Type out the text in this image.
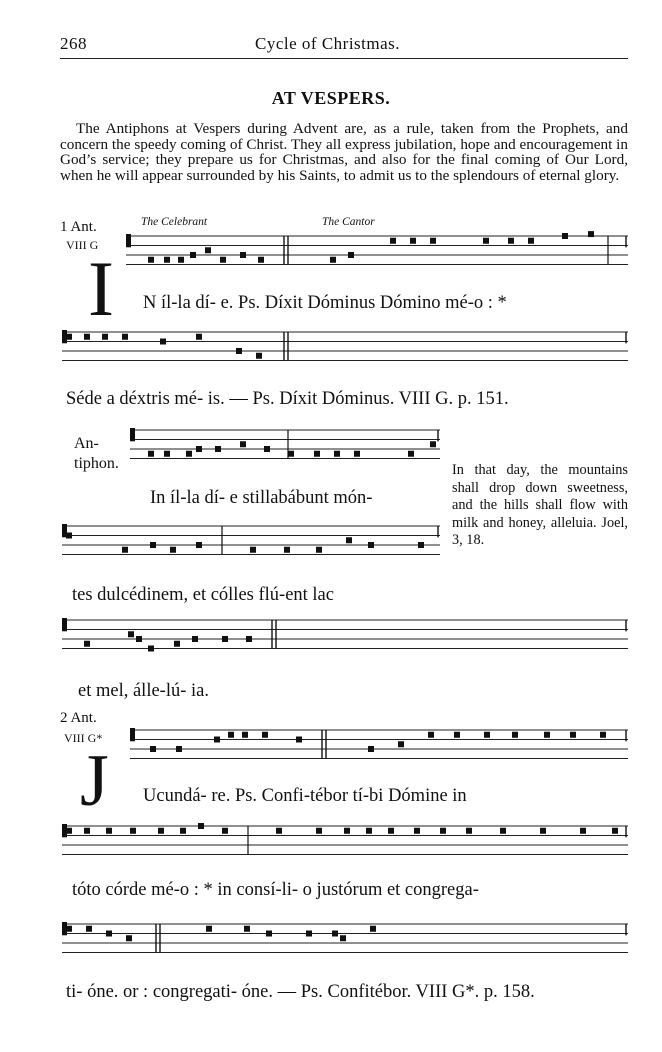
268	Cycle of Christmas.
AT VESPERS.
The Antiphons at Vespers during Advent are, as a rule, taken from the Prophets, and concern the speedy coming of Christ. They all express jubilation, hope and encouragement in God’s service; they prepare us for Christmas, and also for the final coming of Our Lord, when he will appear surrounded by his Saints, to admit us to the splendours of eternal glory.
1 Ant.
VIII G
The Celebrant	The Cantor
I N íl-la dí- e. Ps. Díxit Dóminus Dómino mé-o : *
Séde a déxtris mé- is. — Ps. Díxit Dóminus. VIII G. p. 151.
An-
tiphon.
In íl-la dí- e stillabábunt món-
tes dulcédinem, et cólles flú-ent lac
et mel, álle-lú- ia.
In that day, the mountains shall drop down sweetness, and the hills shall flow with milk and honey, alleluia. Joel, 3, 18.
2 Ant.
VIII G*
J Ucundá- re. Ps. Confi-tébor tí-bi Dómine in
tóto córde mé-o : * in consí-li- o justórum et congrega-
ti- óne. or : congregati- óne. — Ps. Confitébor. VIII G*. p. 158.
